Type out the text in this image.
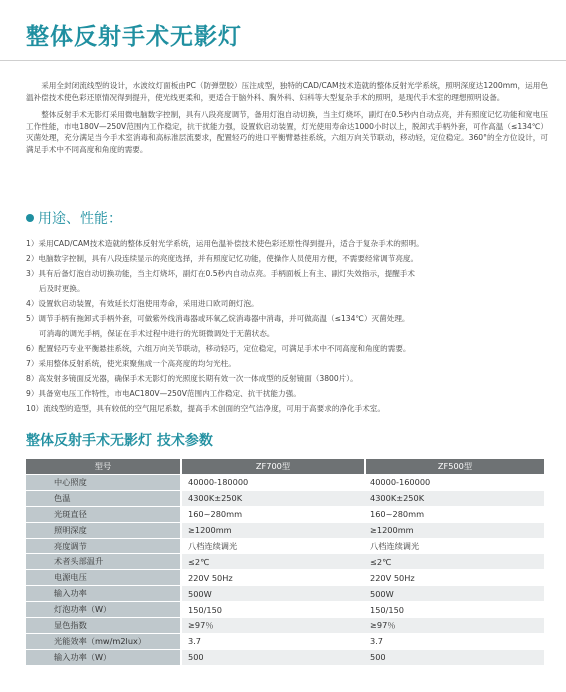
整体反射手术无影灯

采用全封闭流线型的设计，水波纹灯面板由PC（防弹塑胶）压注成型，独特的CAD/CAM技术造就的整体反射光学系统，照明深度达1200mm，运用色温补偿技术使色彩还原情况得到提升，使光线更柔和，更适合于脑外科、胸外科、妇科等大型复杂手术的照明，是现代手术室的理想照明设备。

整体反射手术无影灯采用微电脑数字控制，具有八段亮度调节，备用灯泡自动切换，当主灯烧坏，副灯在0.5秒内自动点亮，并有照度记忆功能和宽电压工作性能，市电180V—250V范围内工作稳定，抗干扰能力强，设置软启动装置，灯光使用寿命达1000小时以上，脱卸式手柄外套，可作高温（≤134℃）灭菌处理，充分满足当今手术室消毒和高标准层流要求，配置轻巧的进口平衡臂悬挂系统，六组万向关节联动，移动轻，定位稳定。360°的全方位设计，可满足手术中不同高度和角度的需要。

用途、性能：
1）采用CAD/CAM技术造就的整体反射光学系统，运用色温补偿技术使色彩还原性得到提升，适合于复杂手术的照明。
2）电脑数字控制，具有八段连续显示的亮度选择，并有照度记忆功能，使操作人员使用方便，不需要经常调节亮度。
3）具有后备灯泡自动切换功能，当主灯烧坏，副灯在0.5秒内自动点亮。手柄面板上有主、副灯失效指示，提醒手术
后及时更换。
4）设置软启动装置，有效延长灯泡使用寿命，采用进口欧司朗灯泡。
5）调节手柄有拖卸式手柄外套，可做紫外线消毒器或环氧乙烷消毒器中消毒，并可做高温（≤134℃）灭菌处理。
可消毒的调光手柄，保证在手术过程中进行的光斑微调处于无菌状态。
6）配置轻巧专业平衡悬挂系统，六组万向关节联动，移动轻巧，定位稳定，可满足手术中不同高度和角度的需要。
7）采用整体反射系统，使光束聚焦成一个高亮度的均匀光柱。
8）高发射多镜面反光器，确保手术无影灯的光照度长期有效一次一体成型的反射镜面（3800片）。
9）具备宽电压工作特性，市电AC180V—250V范围内工作稳定、抗干扰能力强。
10）流线型的造型，具有较低的空气阻尼系数，提高手术创面的空气洁净度，可用于高要求的净化手术室。
整体反射手术无影灯 技术参数
型号	ZF700型	ZF500型
中心照度	40000-180000	40000-160000
色温	4300K±250K	4300K±250K
光斑直径	160~280mm	160~280mm
照明深度	≥1200mm	≥1200mm
亮度调节	八档连续调光	八档连续调光
术者头部温升	≤2℃	≤2℃
电源电压	220V 50Hz	220V 50Hz
输入功率	500W	500W
灯泡功率（W）	150/150	150/150
显色指数	≥97％	≥97％
光能效率（mw/m2lux）	3.7	3.7
输入功率（W）	500	500
